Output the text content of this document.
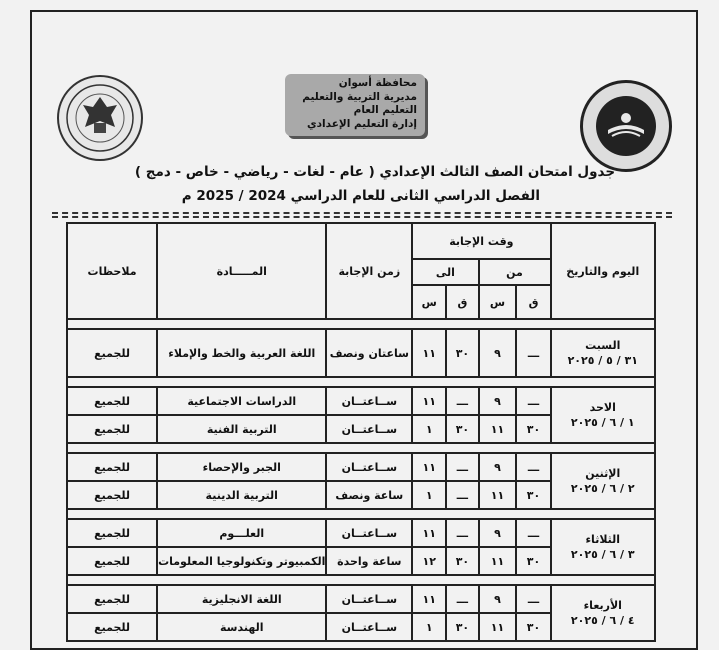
محافظة أسوان
مديرية التربية والتعليم
التعليم العام
إدارة التعليم الإعدادي
جدول امتحان الصف الثالث الإعدادي ( عام - لغات - رياضي - خاص - دمج )
الفصل الدراسي الثانى للعام الدراسي 2024 / 2025 م
اليوم والتاريخ	وقت الإجابة				زمن الإجابة	المـــــادة	ملاحظات
	من		الى				
	ق	س	ق	س			

السبت
٣١ / ٥ / ٢٠٢٥	ـــ	٩	٣٠	١١	ساعتان ونصف	اللغة العربية والخط والإملاء	للجميع

الاحد
١ / ٦ / ٢٠٢٥	ـــ	٩	ـــ	١١	ســاعتــان	الدراسات الاجتماعية	للجميع
	٣٠	١١	٣٠	١	ســاعتــان	التربية الفنية	للجميع

الإثنين
٢ / ٦ / ٢٠٢٥	ـــ	٩	ـــ	١١	ســاعتــان	الجبر والإحصاء	للجميع
	٣٠	١١	ـــ	١	ساعة ونصف	التربية الدينية	للجميع

الثلاثاء
٣ / ٦ / ٢٠٢٥	ـــ	٩	ـــ	١١	ســاعتــان	العلـــوم	للجميع
	٣٠	١١	٣٠	١٢	ساعة واحدة	الكمبيوتر وتكنولوجيا المعلومات	للجميع

الأربعاء
٤ / ٦ / ٢٠٢٥	ـــ	٩	ـــ	١١	ســاعتــان	اللغة الانجليزية	للجميع
	٣٠	١١	٣٠	١	ســاعتــان	الهندسة	للجميع
